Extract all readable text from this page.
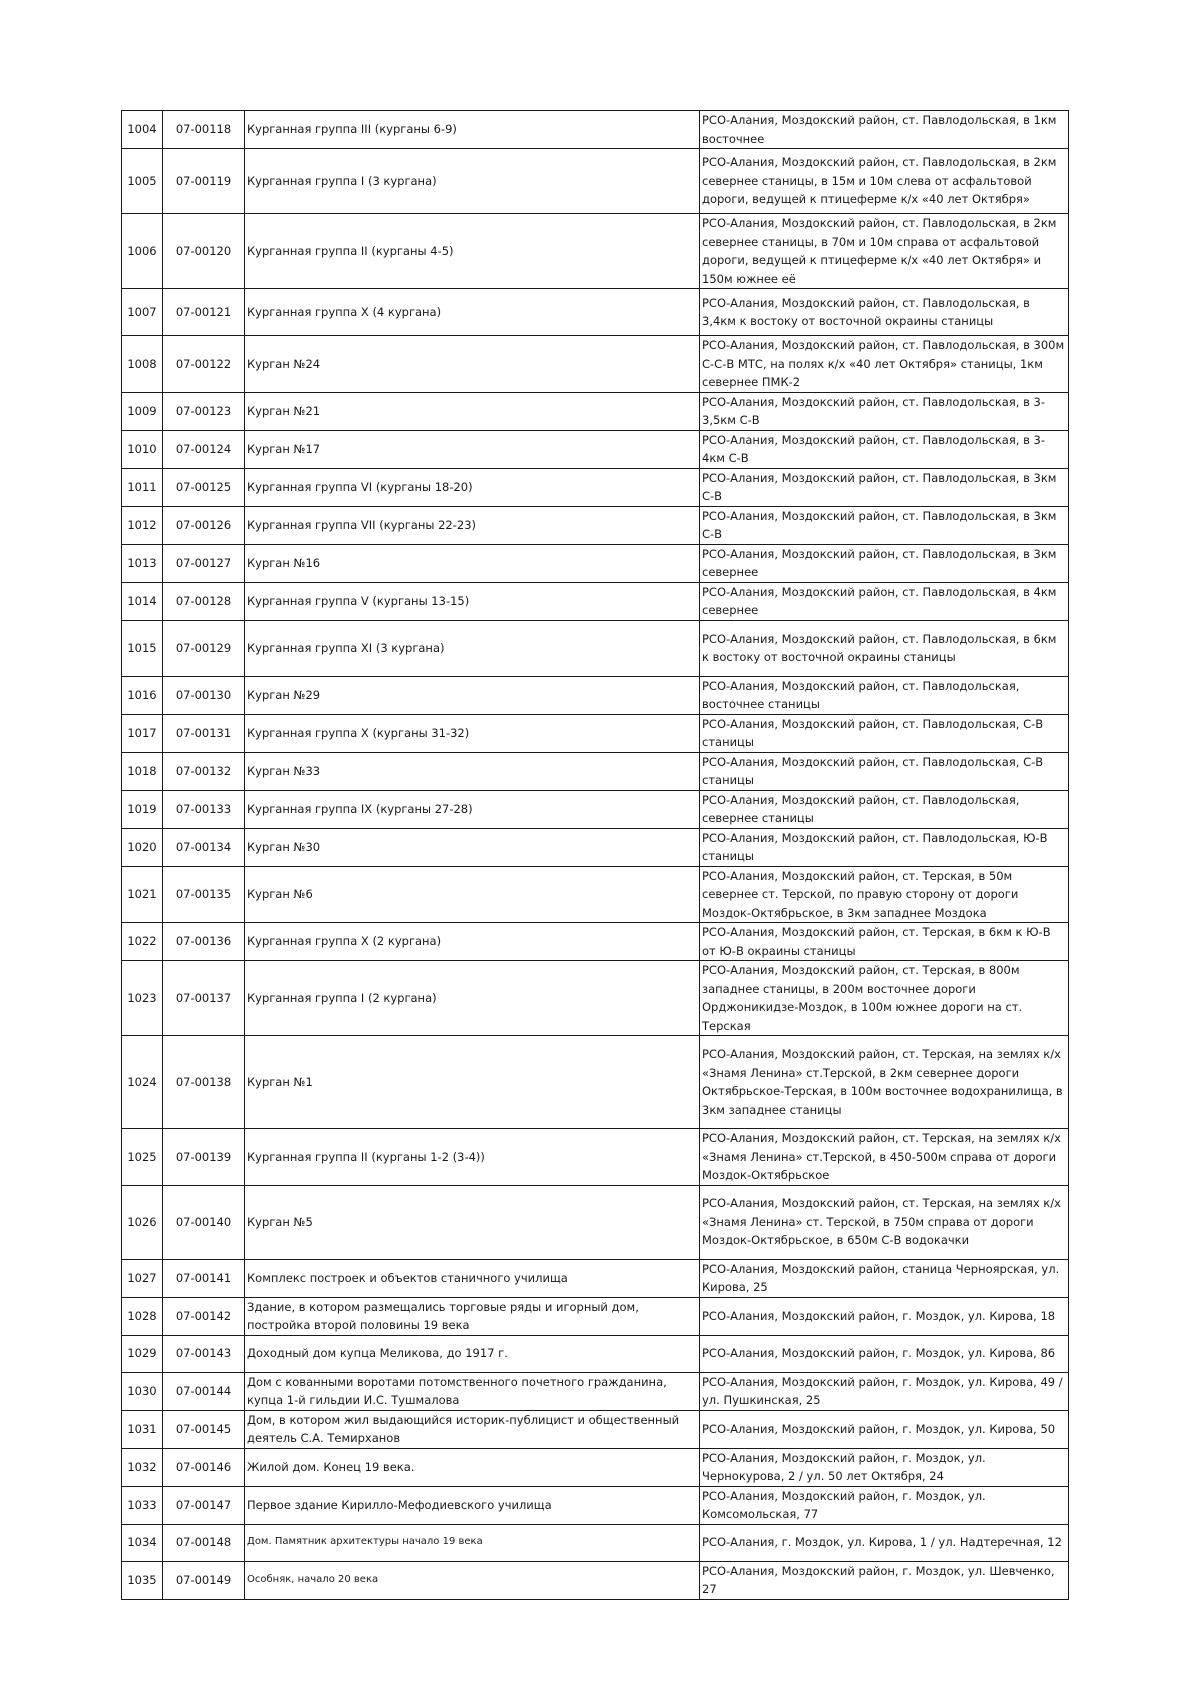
1004	07-00118	Курганная группа III (курганы 6-9)	РСО-Алания, Моздокский район, ст. Павлодольская, в 1км восточнее
1005	07-00119	Курганная группа I (3 кургана)	РСО-Алания, Моздокский район, ст. Павлодольская, в 2км севернее станицы, в 15м и 10м слева от асфальтовой дороги, ведущей к птицеферме к/х «40 лет Октября»
1006	07-00120	Курганная группа II (курганы 4-5)	РСО-Алания, Моздокский район, ст. Павлодольская, в 2км севернее станицы, в 70м и 10м справа от асфальтовой дороги, ведущей к птицеферме к/х «40 лет Октября» и 150м южнее её
1007	07-00121	Курганная группа X (4 кургана)	РСО-Алания, Моздокский район, ст. Павлодольская, в 3,4км к востоку от восточной окраины станицы
1008	07-00122	Курган №24	РСО-Алания, Моздокский район, ст. Павлодольская, в 300м С-С-В МТС, на полях к/х «40 лет Октября» станицы, 1км севернее ПМК-2
1009	07-00123	Курган №21	РСО-Алания, Моздокский район, ст. Павлодольская, в 3-3,5км С-В
1010	07-00124	Курган №17	РСО-Алания, Моздокский район, ст. Павлодольская, в 3-4км С-В
1011	07-00125	Курганная группа VI (курганы 18-20)	РСО-Алания, Моздокский район, ст. Павлодольская, в 3км С-В
1012	07-00126	Курганная группа VII (курганы 22-23)	РСО-Алания, Моздокский район, ст. Павлодольская, в 3км С-В
1013	07-00127	Курган №16	РСО-Алания, Моздокский район, ст. Павлодольская, в 3км севернее
1014	07-00128	Курганная группа V (курганы 13-15)	РСО-Алания, Моздокский район, ст. Павлодольская, в 4км севернее
1015	07-00129	Курганная группа XI (3 кургана)	РСО-Алания, Моздокский район, ст. Павлодольская, в 6км к востоку от восточной окраины станицы
1016	07-00130	Курган №29	РСО-Алания, Моздокский район, ст. Павлодольская, восточнее станицы
1017	07-00131	Курганная группа X (курганы 31-32)	РСО-Алания, Моздокский район, ст. Павлодольская, С-В станицы
1018	07-00132	Курган №33	РСО-Алания, Моздокский район, ст. Павлодольская, С-В станицы
1019	07-00133	Курганная группа IX (курганы 27-28)	РСО-Алания, Моздокский район, ст. Павлодольская, севернее станицы
1020	07-00134	Курган №30	РСО-Алания, Моздокский район, ст. Павлодольская, Ю-В станицы
1021	07-00135	Курган №6	РСО-Алания, Моздокский район, ст. Терская, в 50м севернее ст. Терской, по правую сторону от дороги Моздок-Октябрьское, в 3км западнее Моздока
1022	07-00136	Курганная группа X (2 кургана)	РСО-Алания, Моздокский район, ст. Терская, в 6км к Ю-В от Ю-В окраины станицы
1023	07-00137	Курганная группа I (2 кургана)	РСО-Алания, Моздокский район, ст. Терская, в 800м западнее станицы, в 200м восточнее дороги Орджоникидзе-Моздок, в 100м южнее дороги на ст. Терская
1024	07-00138	Курган №1	РСО-Алания, Моздокский район, ст. Терская, на землях к/х «Знамя Ленина» ст.Терской, в 2км севернее дороги Октябрьское-Терская, в 100м восточнее водохранилища, в 3км западнее станицы
1025	07-00139	Курганная группа II (курганы 1-2 (3-4))	РСО-Алания, Моздокский район, ст. Терская, на землях к/х «Знамя Ленина» ст.Терской, в 450-500м справа от дороги Моздок-Октябрьское
1026	07-00140	Курган №5	РСО-Алания, Моздокский район, ст. Терская, на землях к/х «Знамя Ленина» ст. Терской, в 750м справа от дороги Моздок-Октябрьское, в 650м С-В водокачки
1027	07-00141	Комплекс построек и объектов станичного училища	РСО-Алания, Моздокский район, станица Черноярская, ул. Кирова, 25
1028	07-00142	Здание, в котором размещались торговые ряды и игорный дом, постройка второй половины 19 века	РСО-Алания, Моздокский район, г. Моздок, ул. Кирова, 18
1029	07-00143	Доходный дом купца Меликова, до 1917 г.	РСО-Алания, Моздокский район, г. Моздок, ул. Кирова, 86
1030	07-00144	Дом с кованными воротами потомственного почетного гражданина, купца 1-й гильдии И.С. Тушмалова	РСО-Алания, Моздокский район, г. Моздок, ул. Кирова, 49 / ул. Пушкинская, 25
1031	07-00145	Дом, в котором жил выдающийся историк-публицист и общественный деятель С.А. Темирханов	РСО-Алания, Моздокский район, г. Моздок, ул. Кирова, 50
1032	07-00146	Жилой дом. Конец 19 века.	РСО-Алания, Моздокский район, г. Моздок, ул. Чернокурова, 2 / ул. 50 лет Октября, 24
1033	07-00147	Первое здание Кирилло-Мефодиевского училища	РСО-Алания, Моздокский район, г. Моздок, ул. Комсомольская, 77
1034	07-00148	Дом. Памятник архитектуры начало 19 века	РСО-Алания, г. Моздок, ул. Кирова, 1 / ул. Надтеречная, 12
1035	07-00149	Особняк, начало 20 века	РСО-Алания, Моздокский район, г. Моздок, ул. Шевченко, 27
